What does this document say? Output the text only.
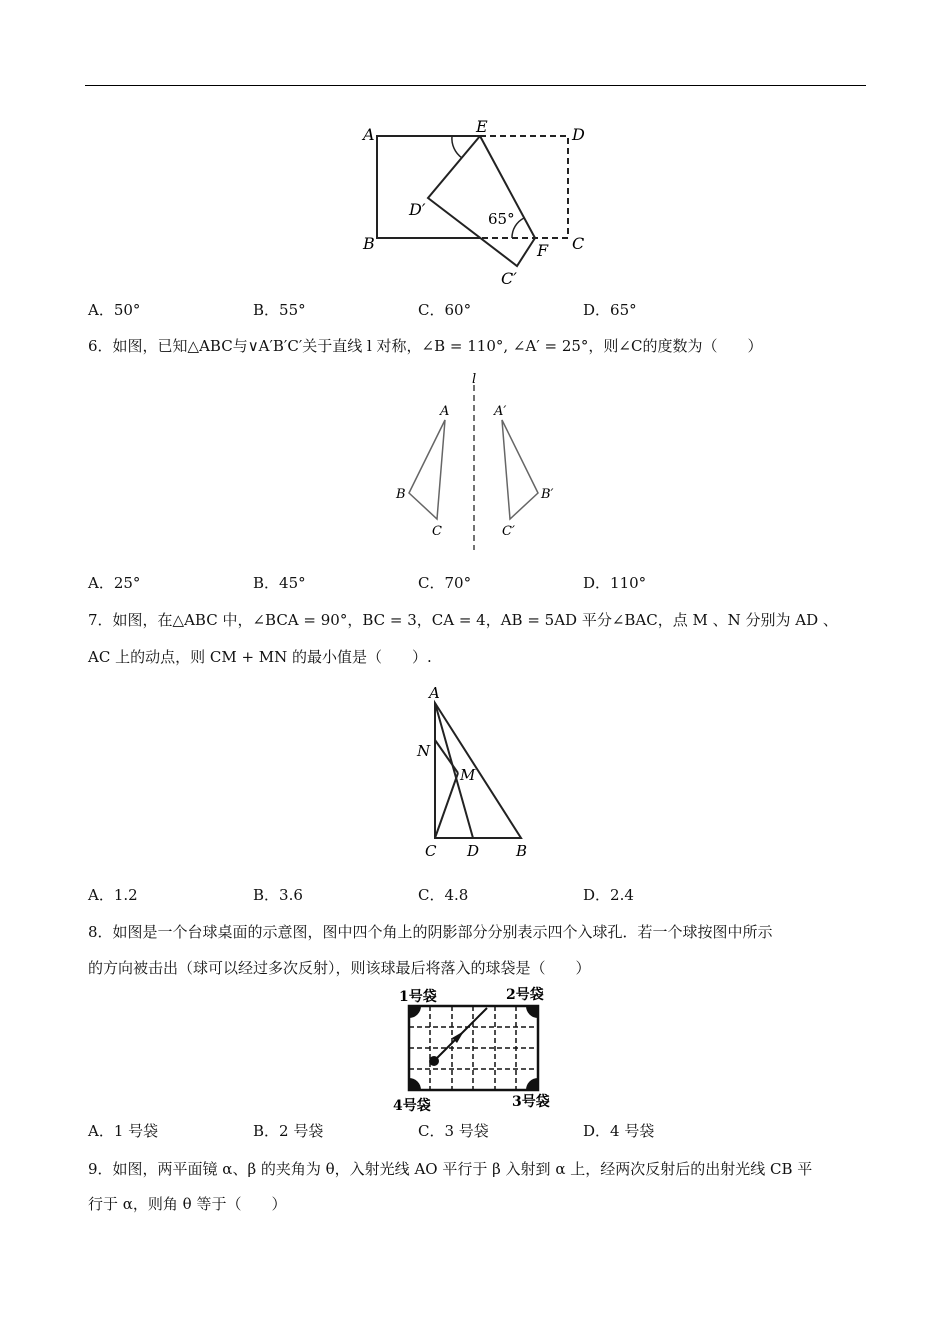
A	E	D
D′	65°
B	F C
C′
A．50°	B．55°	C．60°	D．65°
6．如图，已知△ABC与∨A′B′C′关于直线 l 对称，∠B = 110°, ∠A′ = 25°，则∠C的度数为（　　）
l
A
B
C
A′
B′
C′
A．25°	B．45°	C．70°	D．110°
7．如图，在△ABC 中，∠BCA = 90°，BC = 3，CA = 4，AB = 5AD 平分∠BAC，点 M 、N 分别为 AD 、
AC 上的动点，则 CM + MN 的最小值是（　　）.
A
N
M
C D B
A．1.2	B．3.6	C．4.8	D．2.4
8．如图是一个台球桌面的示意图，图中四个角上的阴影部分分别表示四个入球孔．若一个球按图中所示
的方向被击出（球可以经过多次反射），则该球最后将落入的球袋是（　　）
1号袋	2号袋
3号袋
4号袋
A．1 号袋	B．2 号袋	C．3 号袋	D．4 号袋
9．如图，两平面镜 α、β 的夹角为 θ，入射光线 AO 平行于 β 入射到 α 上，经两次反射后的出射光线 CB 平
行于 α，则角 θ 等于（　　）
